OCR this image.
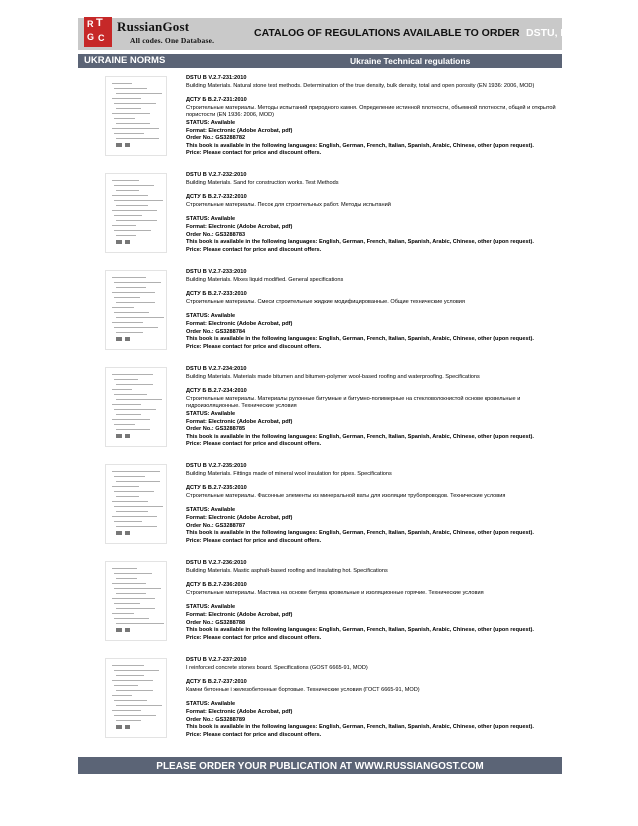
R T
G C
RussianGost
All codes. One Database.
CATALOG OF REGULATIONS AVAILABLE TO ORDER DSTU, DBN
UKRAINE NORMS	Ukraine Technical regulations

DSTU B V.2.7-231:2010

Building Materials. Natural stone test methods. Determination of the true density, bulk density, total and open porosity (EN 1936: 2006, MOD)

ДСТУ Б В.2.7-231:2010

Строительные материалы. Методы испытаний природного камня. Определение истинной плотности, объемной плотности, общей и открытой пористости (EN 1936: 2006, MOD)

STATUS: Available

Format: Electronic (Adobe Acrobat, pdf)

Order No.: GS3288782

This book is available in the following languages: English, German, French, Italian, Spanish, Arabic, Chinese, other (upon request).

Price: Please contact for price and discount offers.

DSTU B V.2.7-232:2010

Building Materials. Sand for construction works. Test Methods

ДСТУ Б В.2.7-232:2010

Строительные материалы. Песок для строительных работ. Методы испытаний

STATUS: Available

Format: Electronic (Adobe Acrobat, pdf)

Order No.: GS3288783

This book is available in the following languages: English, German, French, Italian, Spanish, Arabic, Chinese, other (upon request).

Price: Please contact for price and discount offers.

DSTU B V.2.7-233:2010

Building Materials. Mixes liquid modified. General specifications

ДСТУ Б В.2.7-233:2010

Строительные материалы. Смеси строительные жидкие модифицированные. Общие технические условия

STATUS: Available

Format: Electronic (Adobe Acrobat, pdf)

Order No.: GS3288784

This book is available in the following languages: English, German, French, Italian, Spanish, Arabic, Chinese, other (upon request).

Price: Please contact for price and discount offers.

DSTU B V.2.7-234:2010

Building Materials. Materials made bitumen and bitumen-polymer wool-based roofing and waterproofing. Specifications

ДСТУ Б В.2.7-234:2010

Строительные материалы. Материалы рулонные битумные и битумно-полимерные на стекловолокнистой основе кровельные и гидроизоляционные. Технические условия

STATUS: Available

Format: Electronic (Adobe Acrobat, pdf)

Order No.: GS3288785

This book is available in the following languages: English, German, French, Italian, Spanish, Arabic, Chinese, other (upon request).

Price: Please contact for price and discount offers.

DSTU B V.2.7-235:2010

Building Materials. Fittings made of mineral wool insulation for pipes. Specifications

ДСТУ Б В.2.7-235:2010

Строительные материалы. Фасонные элементы из минеральной ваты для изоляции трубопроводов. Технические условия

STATUS: Available

Format: Electronic (Adobe Acrobat, pdf)

Order No.: GS3288787

This book is available in the following languages: English, German, French, Italian, Spanish, Arabic, Chinese, other (upon request).

Price: Please contact for price and discount offers.

DSTU B V.2.7-236:2010

Building Materials. Mastic asphalt-based roofing and insulating hot. Specifications

ДСТУ Б В.2.7-236:2010

Строительные материалы. Мастика на основе битума кровельные и изоляционные горячие. Технические условия

STATUS: Available

Format: Electronic (Adobe Acrobat, pdf)

Order No.: GS3288788

This book is available in the following languages: English, German, French, Italian, Spanish, Arabic, Chinese, other (upon request).

Price: Please contact for price and discount offers.

DSTU B V.2.7-237:2010

I reinforced concrete stones board. Specifications (GOST 6665-91, MOD)

ДСТУ Б В.2.7-237:2010

Камни бетонные і железобетонные бортовые. Технические условия (ГОСТ 6665-91, MOD)

STATUS: Available

Format: Electronic (Adobe Acrobat, pdf)

Order No.: GS3288789

This book is available in the following languages: English, German, French, Italian, Spanish, Arabic, Chinese, other (upon request).

Price: Please contact for price and discount offers.

PLEASE ORDER YOUR PUBLICATION AT WWW.RUSSIANGOST.COM
